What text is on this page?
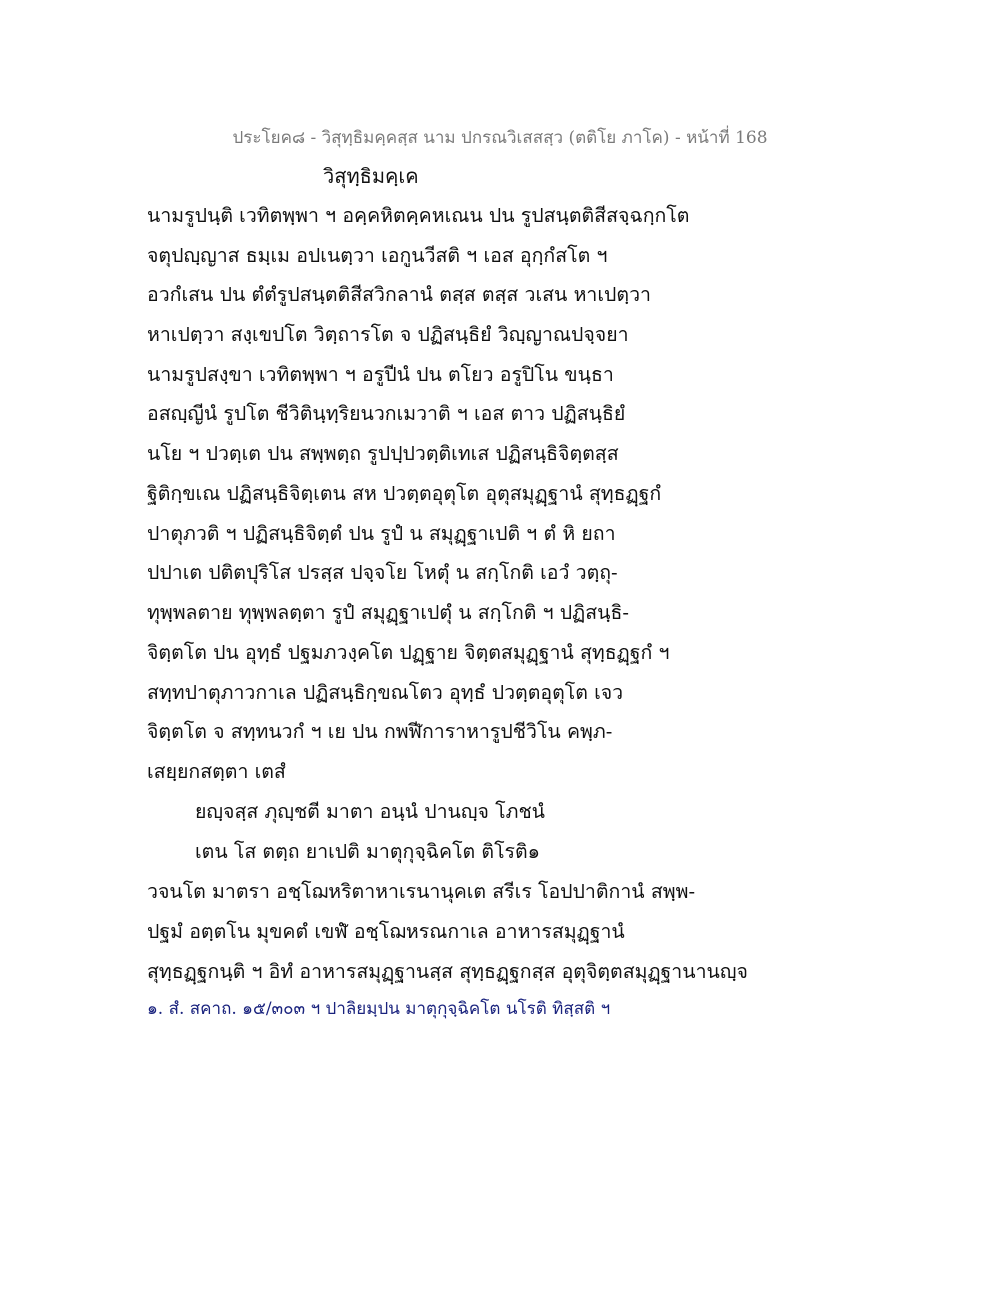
ประโยค๘ - วิสุทฺธิมคฺคสฺส นาม ปกรณวิเสสสฺว (ตติโย ภาโค) - หน้าที่ 168
วิสุทฺธิมคฺเค
นามรูปนฺติ เวทิตพฺพา ฯ อคฺคหิตคฺคหเณน ปน รูปสนฺตติสีสจฺฉกฺกโต
จตุปญฺญาส ธมฺเม อปเนตฺวา เอกูนวีสติ ฯ เอส อุกฺกํสโต ฯ
อวกํเสน ปน ตํตํรูปสนฺตติสีสวิกลานํ ตสฺส ตสฺส วเสน หาเปตฺวา
หาเปตฺวา สงฺเขปโต วิตฺถารโต จ ปฏิสนฺธิยํ วิญฺญาณปจฺจยา
นามรูปสงฺขา เวทิตพฺพา ฯ อรูปีนํ ปน ตโยว อรูปิโน ขนฺธา
อสญฺญีนํ รูปโต ชีวิตินฺทฺริยนวกเมวาติ ฯ เอส ตาว ปฏิสนฺธิยํ
นโย ฯ ปวตฺเต ปน สพฺพตฺถ รูปปฺปวตฺติเทเส ปฏิสนฺธิจิตฺตสฺส
ฐิติกฺขเณ ปฏิสนฺธิจิตฺเตน สห ปวตฺตอุตุโต อุตุสมุฏฺฐานํ สุทฺธฏฺฐกํ
ปาตุภวติ ฯ ปฏิสนฺธิจิตฺตํ ปน รูปํ น สมุฏฺฐาเปติ ฯ ตํ หิ ยถา
ปปาเต ปติตปุริโส ปรสฺส ปจฺจโย โหตุํ น สกฺโกติ เอวํ วตฺถุ-
ทุพฺพลตาย ทุพฺพลตฺตา รูปํ สมุฏฺฐาเปตุํ น สกฺโกติ ฯ ปฏิสนฺธิ-
จิตฺตโต ปน อุทฺธํ ปฐมภวงฺคโต ปฏฺฐาย จิตฺตสมุฏฺฐานํ สุทฺธฏฺฐกํ ฯ
สทฺทปาตุภาวกาเล ปฏิสนฺธิกฺขณโตว อุทฺธํ ปวตฺตอุตุโต เจว
จิตฺตโต จ สทฺทนวกํ ฯ เย ปน กพฬีการาหารูปชีวิโน คพฺภ-
เสยฺยกสตฺตา เตสํ
ยญฺจสฺส ภุญฺชตี มาตา อนฺนํ ปานญฺจ โภชนํ
เตน โส ตตฺถ ยาเปติ มาตุกุจฺฉิคโต ติโรติ๑
วจนโต มาตรา อชฺโฌหริตาหาเรนานุคเต สรีเร โอปปาติกานํ สพฺพ-
ปฐมํ อตฺตโน มุขคตํ เขฬํ อชฺโฌหรณกาเล อาหารสมุฏฺฐานํ
สุทฺธฏฺฐกนฺติ ฯ อิทํ อาหารสมุฏฺฐานสฺส สุทฺธฏฺฐกสฺส อุตุจิตฺตสมุฏฺฐานานญฺจ
๑. สํ. สคาถ. ๑๕/๓๐๓ ฯ ปาลิยมฺปน มาตุกุจฺฉิคโต นโรติ ทิสฺสติ ฯ
